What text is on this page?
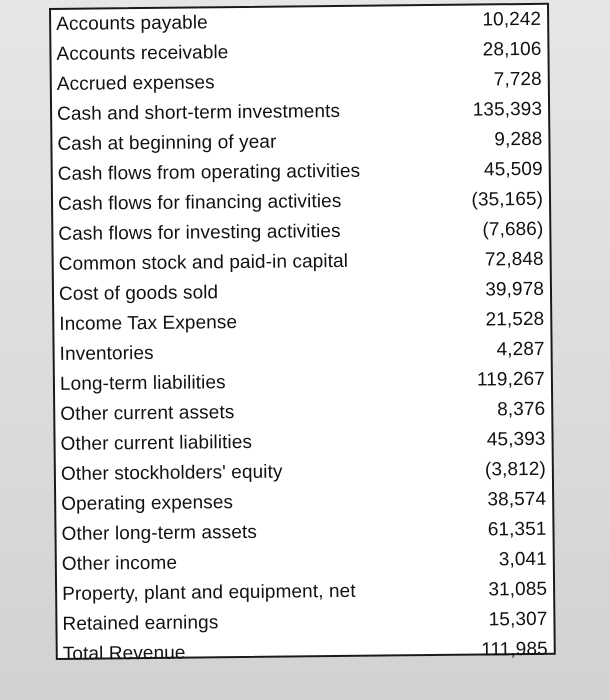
Accounts payable	10,242
Accounts receivable	28,106
Accrued expenses	7,728
Cash and short-term investments	135,393
Cash at beginning of year	9,288
Cash flows from operating activities	45,509
Cash flows for financing activities	(35,165)
Cash flows for investing activities	(7,686)
Common stock and paid-in capital	72,848
Cost of goods sold	39,978
Income Tax Expense	21,528
Inventories	4,287
Long-term liabilities	119,267
Other current assets	8,376
Other current liabilities	45,393
Other stockholders' equity	(3,812)
Operating expenses	38,574
Other long-term assets	61,351
Other income	3,041
Property, plant and equipment, net	31,085
Retained earnings	15,307
Total Revenue	111,985
